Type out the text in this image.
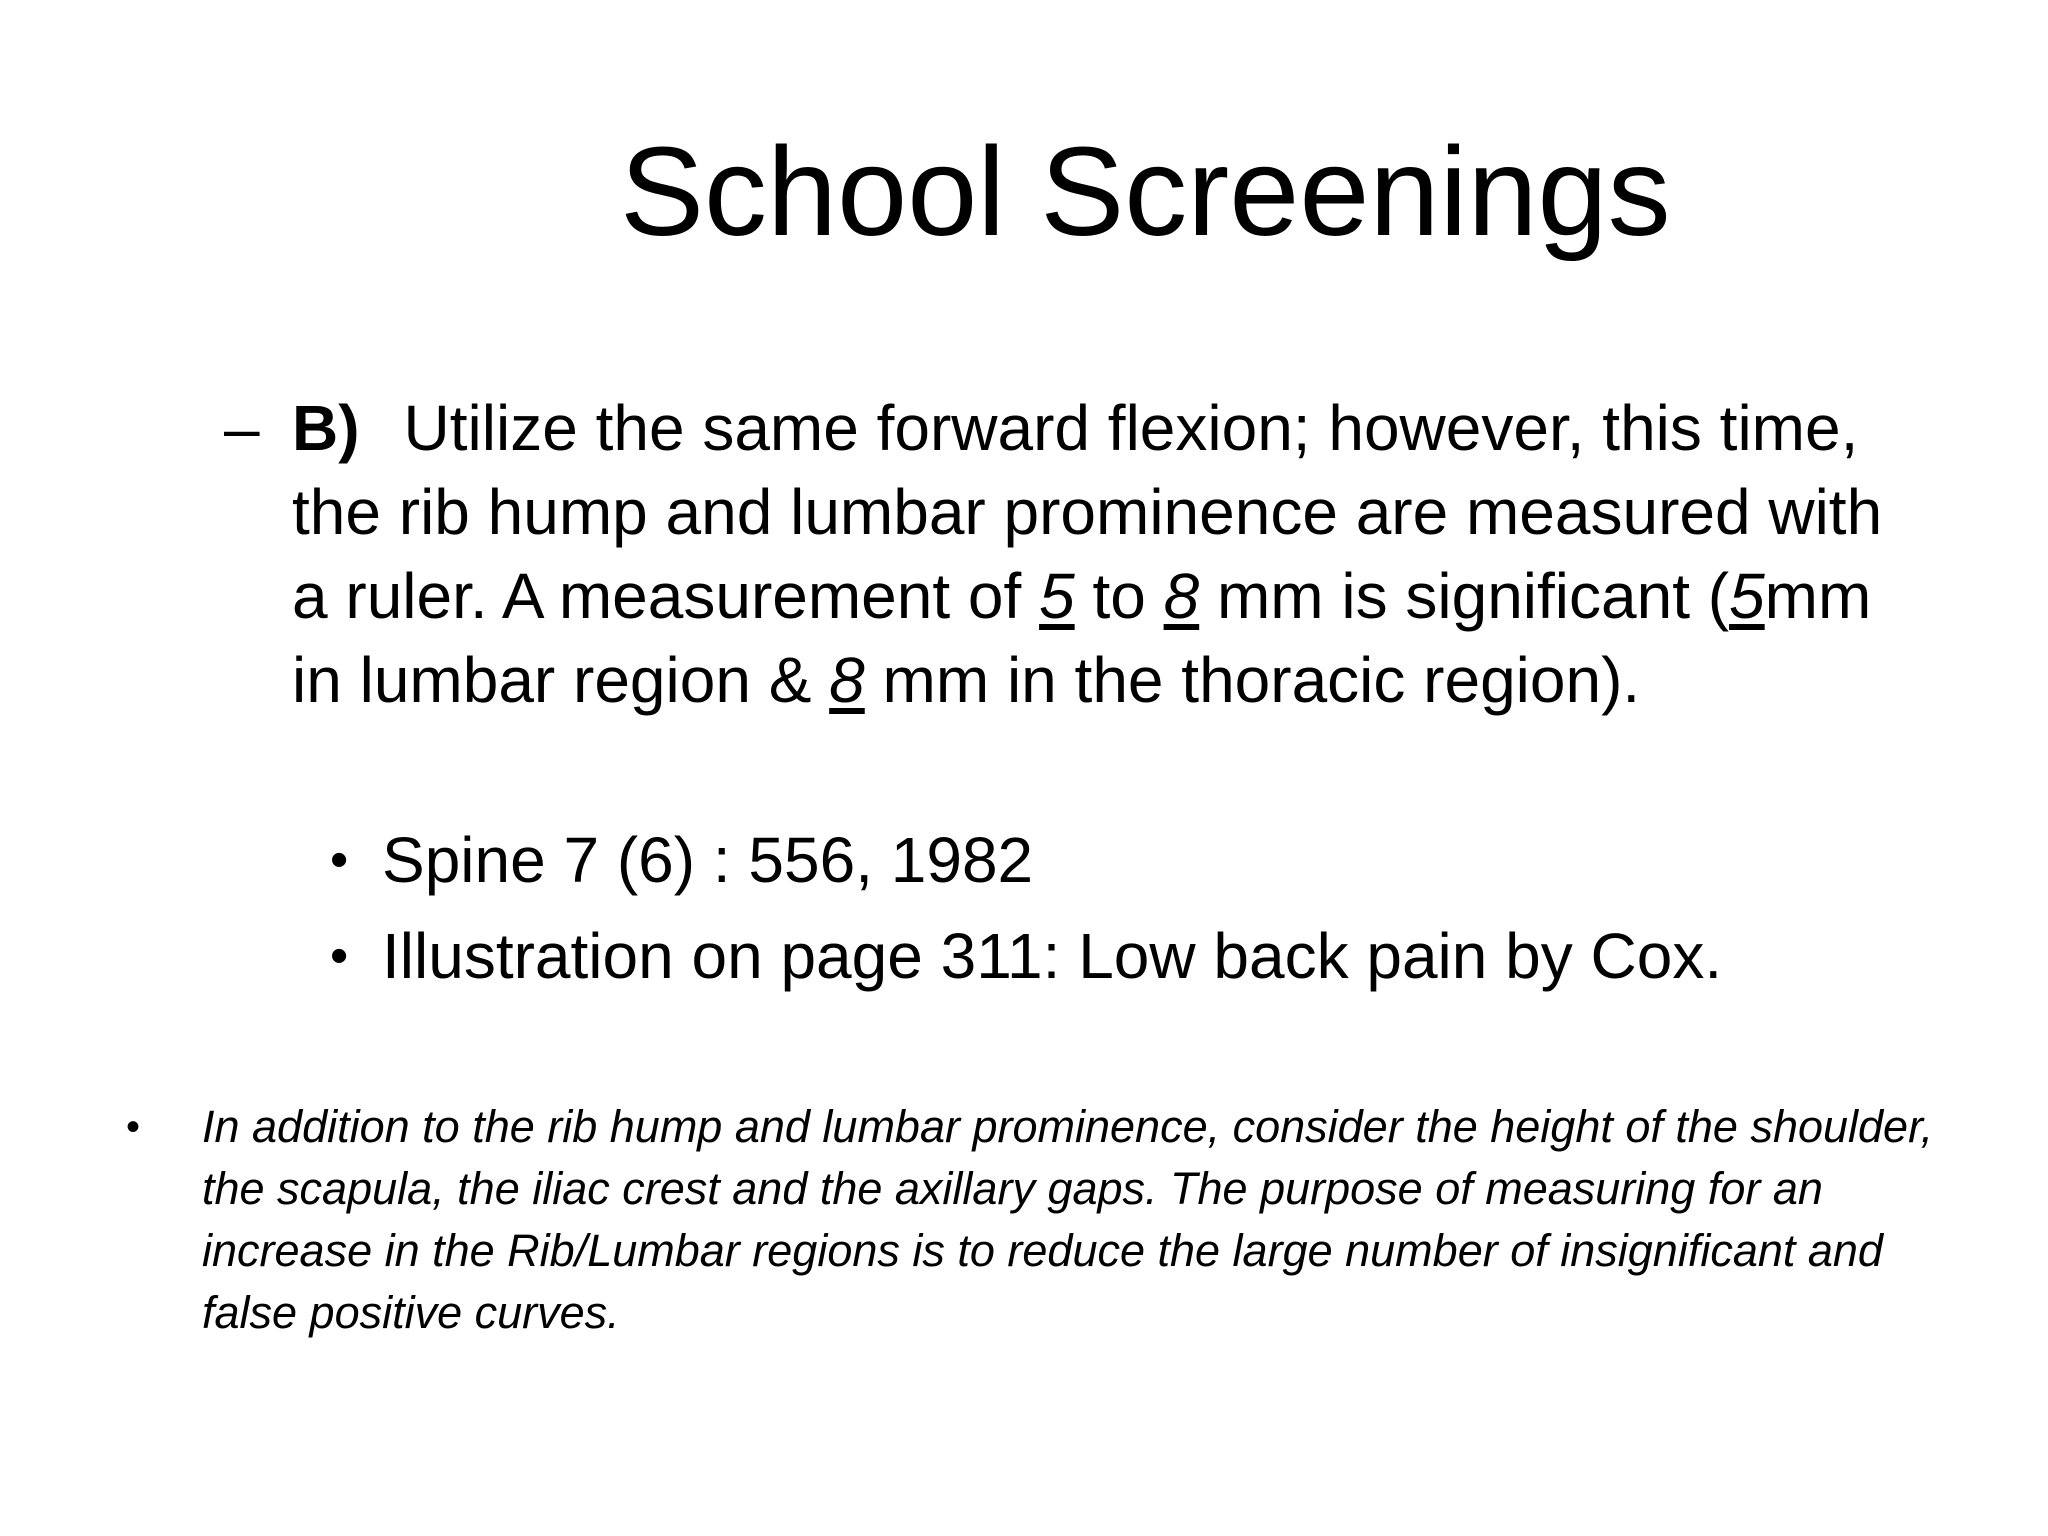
School Screenings
– B) Utilize the same forward flexion; however, this time, the rib hump and lumbar prominence are measured with a ruler. A measurement of 5 to 8 mm is significant (5mm in lumbar region & 8 mm in the thoracic region).
• Spine 7 (6) : 556, 1982
• Illustration on page 311: Low back pain by Cox.
• In addition to the rib hump and lumbar prominence, consider the height of the shoulder, the scapula, the iliac crest and the axillary gaps. The purpose of measuring for an increase in the Rib/Lumbar regions is to reduce the large number of insignificant and false positive curves.
